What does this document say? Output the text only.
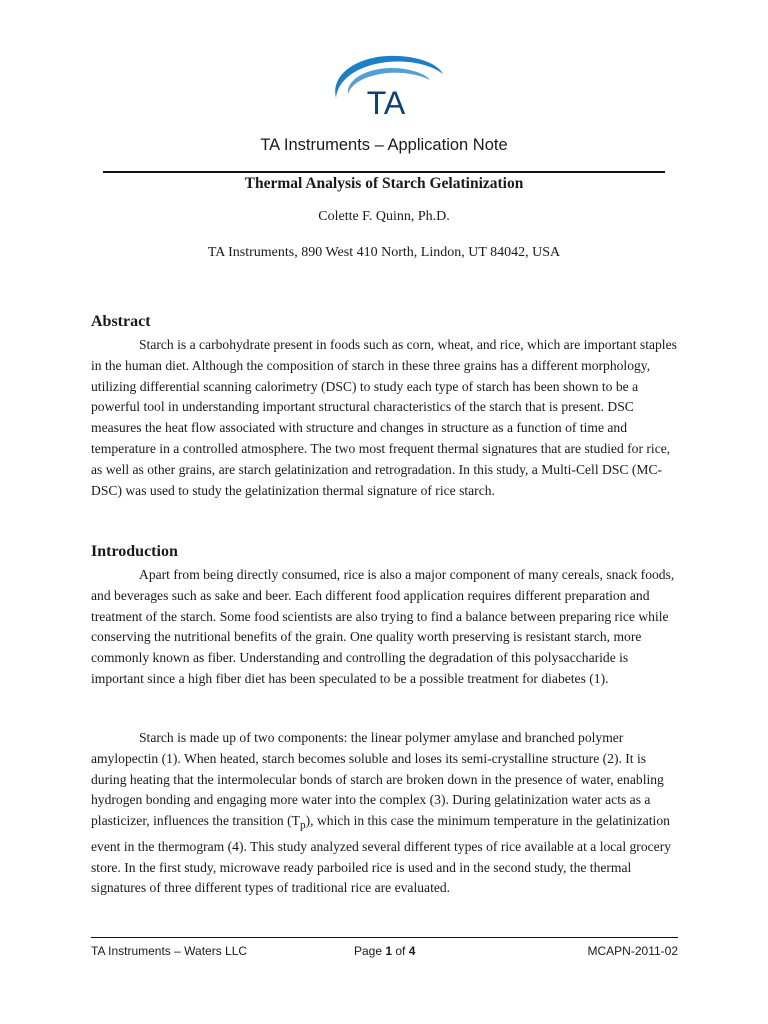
TA
TA Instruments – Application Note
Thermal Analysis of Starch Gelatinization
Colette F. Quinn, Ph.D.
TA Instruments, 890 West 410 North, Lindon, UT 84042, USA
Abstract

Starch is a carbohydrate present in foods such as corn, wheat, and rice, which are important staples in the human diet. Although the composition of starch in these three grains has a different morphology, utilizing differential scanning calorimetry (DSC) to study each type of starch has been shown to be a powerful tool in understanding important structural characteristics of the starch that is present. DSC measures the heat flow associated with structure and changes in structure as a function of time and temperature in a controlled atmosphere. The two most frequent thermal signatures that are studied for rice, as well as other grains, are starch gelatinization and retrogradation. In this study, a Multi-Cell DSC (MC-DSC) was used to study the gelatinization thermal signature of rice starch.

Introduction

Apart from being directly consumed, rice is also a major component of many cereals, snack foods, and beverages such as sake and beer. Each different food application requires different preparation and treatment of the starch. Some food scientists are also trying to find a balance between preparing rice while conserving the nutritional benefits of the grain. One quality worth preserving is resistant starch, more commonly known as fiber. Understanding and controlling the degradation of this polysaccharide is important since a high fiber diet has been speculated to be a possible treatment for diabetes (1).

Starch is made up of two components: the linear polymer amylase and branched polymer amylopectin (1). When heated, starch becomes soluble and loses its semi-crystalline structure (2). It is during heating that the intermolecular bonds of starch are broken down in the presence of water, enabling hydrogen bonding and engaging more water into the complex (3). During gelatinization water acts as a plasticizer, influences the transition $(T_p)$, which in this case the minimum temperature in the gelatinization event in the thermogram (4). This study analyzed several different types of rice available at a local grocery store. In the first study, microwave ready parboiled rice is used and in the second study, the thermal signatures of three different types of traditional rice are evaluated.

TA Instruments – Waters LLC	Page 1 of 4	MCAPN-2011-02
